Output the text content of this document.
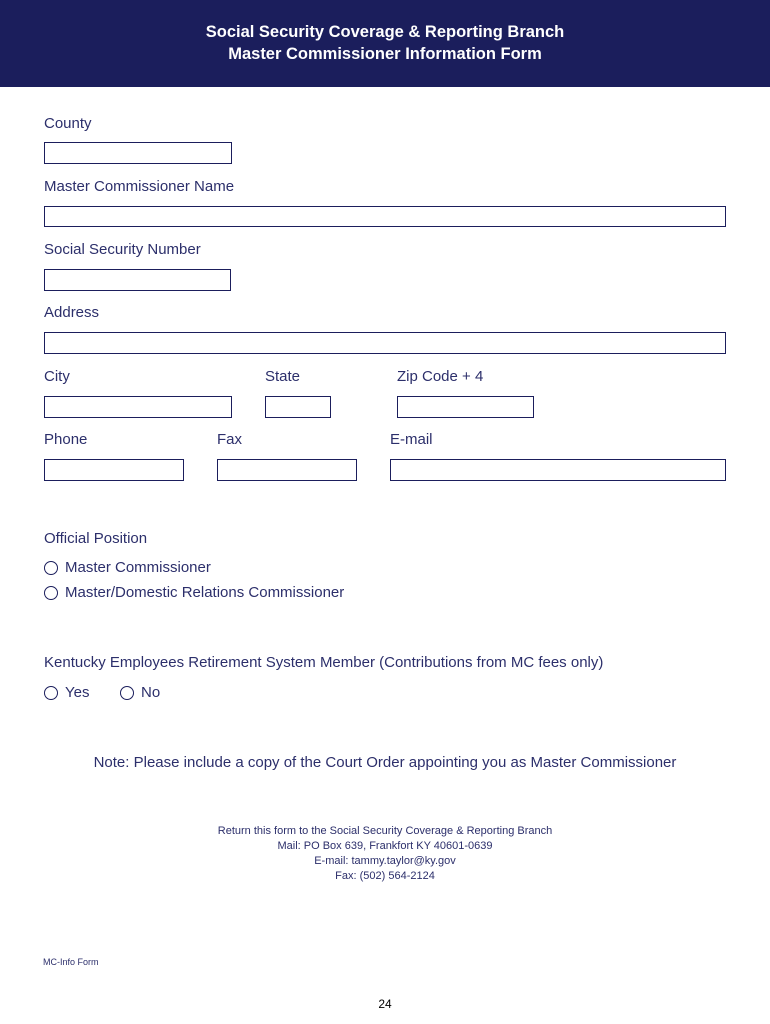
Social Security Coverage & Reporting Branch
Master Commissioner Information Form
County
Master Commissioner Name
Social Security Number
Address
City	State	Zip Code + 4
Phone	Fax	E-mail
Official Position
Master Commissioner
Master/Domestic Relations Commissioner
Kentucky Employees Retirement System Member (Contributions from MC fees only)
Yes	No
Note: Please include a copy of the Court Order appointing you as Master Commissioner
Return this form to the Social Security Coverage & Reporting Branch
Mail: PO Box 639, Frankfort KY 40601-0639
E-mail: tammy.taylor@ky.gov
Fax: (502) 564-2124
MC-Info Form
24
